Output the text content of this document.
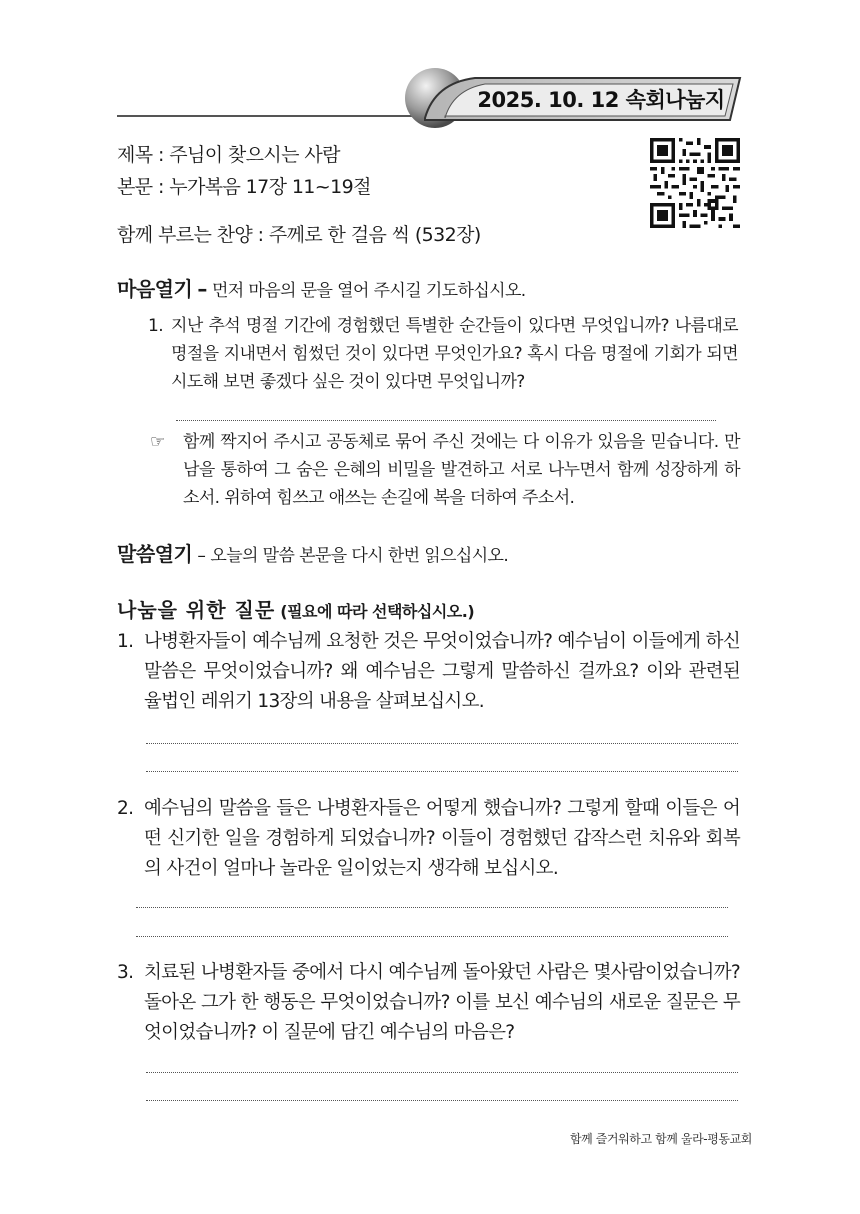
2025. 10. 12 속회나눔지
제목 : 주님이 찾으시는 사람
본문 : 누가복음 17장 11~19절
함께 부르는 찬양 : 주께로 한 걸음 씩 (532장)
마음열기 – 먼저 마음의 문을 열어 주시길 기도하십시오.
1. 지난 추석 명절 기간에 경험했던 특별한 순간들이 있다면 무엇입니까? 나름대로 명절을 지내면서 힘썼던 것이 있다면 무엇인가요? 혹시 다음 명절에 기회가 되면 시도해 보면 좋겠다 싶은 것이 있다면 무엇입니까?
☞ 함께 짝지어 주시고 공동체로 묶어 주신 것에는 다 이유가 있음을 믿습니다. 만남을 통하여 그 숨은 은혜의 비밀을 발견하고 서로 나누면서 함께 성장하게 하소서. 위하여 힘쓰고 애쓰는 손길에 복을 더하여 주소서.
말씀열기 – 오늘의 말씀 본문을 다시 한번 읽으십시오.
나눔을 위한 질문 (필요에 따라 선택하십시오.)
1. 나병환자들이 예수님께 요청한 것은 무엇이었습니까? 예수님이 이들에게 하신 말씀은 무엇이었습니까? 왜 예수님은 그렇게 말씀하신 걸까요? 이와 관련된 율법인 레위기 13장의 내용을 살펴보십시오.
2. 예수님의 말씀을 들은 나병환자들은 어떻게 했습니까? 그렇게 할때 이들은 어떤 신기한 일을 경험하게 되었습니까? 이들이 경험했던 갑작스런 치유와 회복의 사건이 얼마나 놀라운 일이었는지 생각해 보십시오.
3. 치료된 나병환자들 중에서 다시 예수님께 돌아왔던 사람은 몇사람이었습니까? 돌아온 그가 한 행동은 무엇이었습니까? 이를 보신 예수님의 새로운 질문은 무엇이었습니까? 이 질문에 담긴 예수님의 마음은?
함께 즐거워하고 함께 울라-평동교회
